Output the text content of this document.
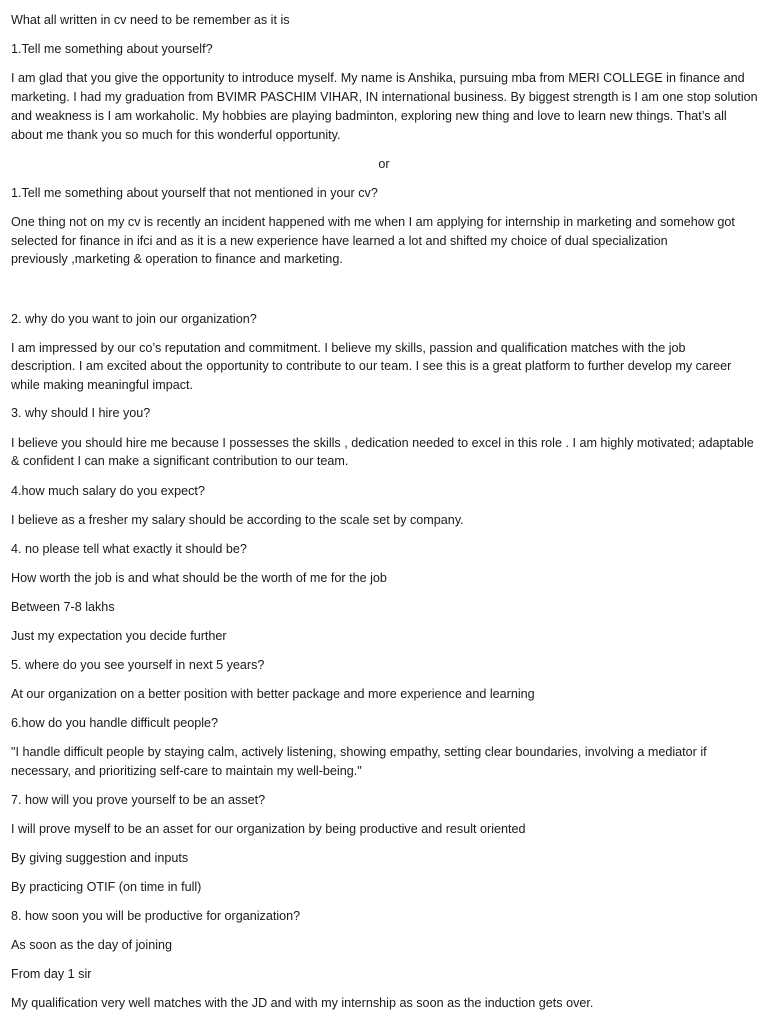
What all written in cv need to be remember as it is

1.Tell me something about yourself?

I am glad that you give the opportunity to introduce myself. My name is Anshika, pursuing mba from MERI COLLEGE in finance and

marketing. I had my graduation from BVIMR PASCHIM VIHAR, IN international business. By biggest strength is I am one stop solution

and weakness is I am workaholic. My hobbies are playing badminton, exploring new thing and love to learn new things. That’s all

about me thank you so much for this wonderful opportunity.

or

1.Tell me something about yourself that not mentioned in your cv?

One thing not on my cv is recently an incident happened with me when I am applying for internship in marketing and somehow got

selected for finance in ifci and as it is a new experience have learned a lot and shifted my choice of dual specialization

previously ,marketing & operation to finance and marketing.

2. why do you want to join our organization?

I am impressed by our co’s reputation and commitment. I believe my skills, passion and qualification matches with the job

description. I am excited about the opportunity to contribute to our team. I see this is a great platform to further develop my career

while making meaningful impact.

3. why should I hire you?

I believe you should hire me because I possesses the skills , dedication needed to excel in this role . I am highly motivated; adaptable

& confident I can make a significant contribution to our team.

4.how much salary do you expect?

I believe as a fresher my salary should be according to the scale set by company.

4. no please tell what exactly it should be?

How worth the job is and what should be the worth of me for the job

Between 7-8 lakhs

Just my expectation you decide further

5. where do you see yourself in next 5 years?

At our organization on a better position with better package and more experience and learning

6.how do you handle difficult people?

"I handle difficult people by staying calm, actively listening, showing empathy, setting clear boundaries, involving a mediator if

necessary, and prioritizing self-care to maintain my well-being."

7. how will you prove yourself to be an asset?

I will prove myself to be an asset for our organization by being productive and result oriented

By giving suggestion and inputs

By practicing OTIF (on time in full)

8. how soon you will be productive for organization?

As soon as the day of joining

From day 1 sir

My qualification very well matches with the JD and with my internship as soon as the induction gets over.
